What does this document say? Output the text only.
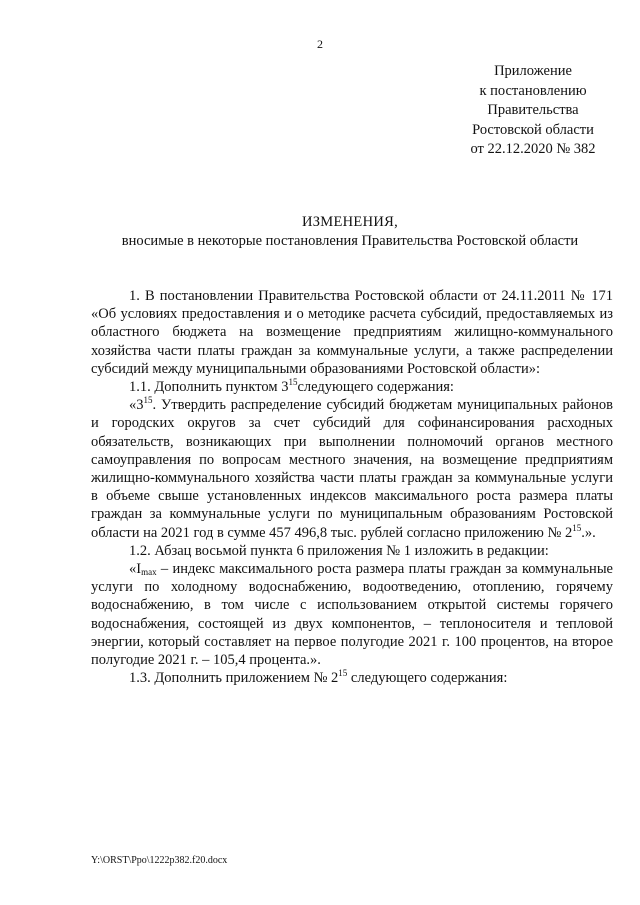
2
Приложение
к постановлению
Правительства
Ростовской области
от 22.12.2020 № 382
ИЗМЕНЕНИЯ,
вносимые в некоторые постановления Правительства Ростовской области

1. В постановлении Правительства Ростовской области от 24.11.2011 № 171 «Об условиях предоставления и о методике расчета субсидий, предоставляемых из областного бюджета на возмещение предприятиям жилищно-коммунального хозяйства части платы граждан за коммунальные услуги, а также распределении субсидий между муниципальными образованиями Ростовской области»:

1.1. Дополнить пунктом $3^{15}следующего$ содержания:

«$3^{15}$. Утвердить распределение субсидий бюджетам муниципальных районов и городских округов за счет субсидий для софинансирования расходных обязательств, возникающих при выполнении полномочий органов местного самоуправления по вопросам местного значения, на возмещение предприятиям жилищно-коммунального хозяйства части платы граждан за коммунальные услуги в объеме свыше установленных индексов максимального роста размера платы граждан за коммунальные услуги по муниципальным образованиям Ростовской области на 2021 год в сумме 457 496,8 тыс. рублей согласно приложению № $2^{15}$.».

1.2. Абзац восьмой пункта 6 приложения № 1 изложить в редакции:

«$I_{max}$ – индекс максимального роста размера платы граждан за коммунальные услуги по холодному водоснабжению, водоотведению, отоплению, горячему водоснабжению, в том числе с использованием открытой системы горячего водоснабжения, состоящей из двух компонентов, – теплоносителя и тепловой энергии, который составляет на первое полугодие 2021 г. 100 процентов, на второе полугодие 2021 г. – 105,4 процента.».

1.3. Дополнить приложением № $2^{15}$ следующего содержания:

Y:\ORST\Ppo\1222p382.f20.docx
